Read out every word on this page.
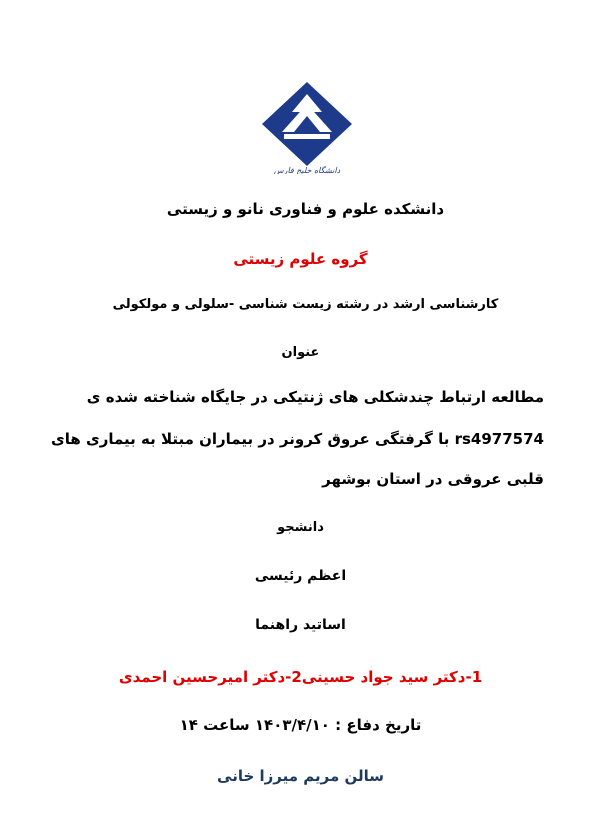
دانشگاه خلیج فارس
دانشکده علوم و فناوری نانو و زیستی
گروه علوم زیستی
کارشناسی ارشد در رشته زیست شناسی -سلولی و مولکولی
عنوان
مطالعه ارتباط چندشکلی های ژنتیکی در جایگاه شناخته شده ی
rs4977574 با گرفتگی عروق کرونر در بیماران مبتلا به بیماری های
قلبی عروقی در استان بوشهر
دانشجو
اعظم رئیسی
اساتید راهنما
1-دکتر سید جواد حسینی2-دکتر امیرحسین احمدی
تاریخ دفاع : ۱۴۰۳/۴/۱۰ ساعت ۱۴
سالن مریم میرزا خانی
